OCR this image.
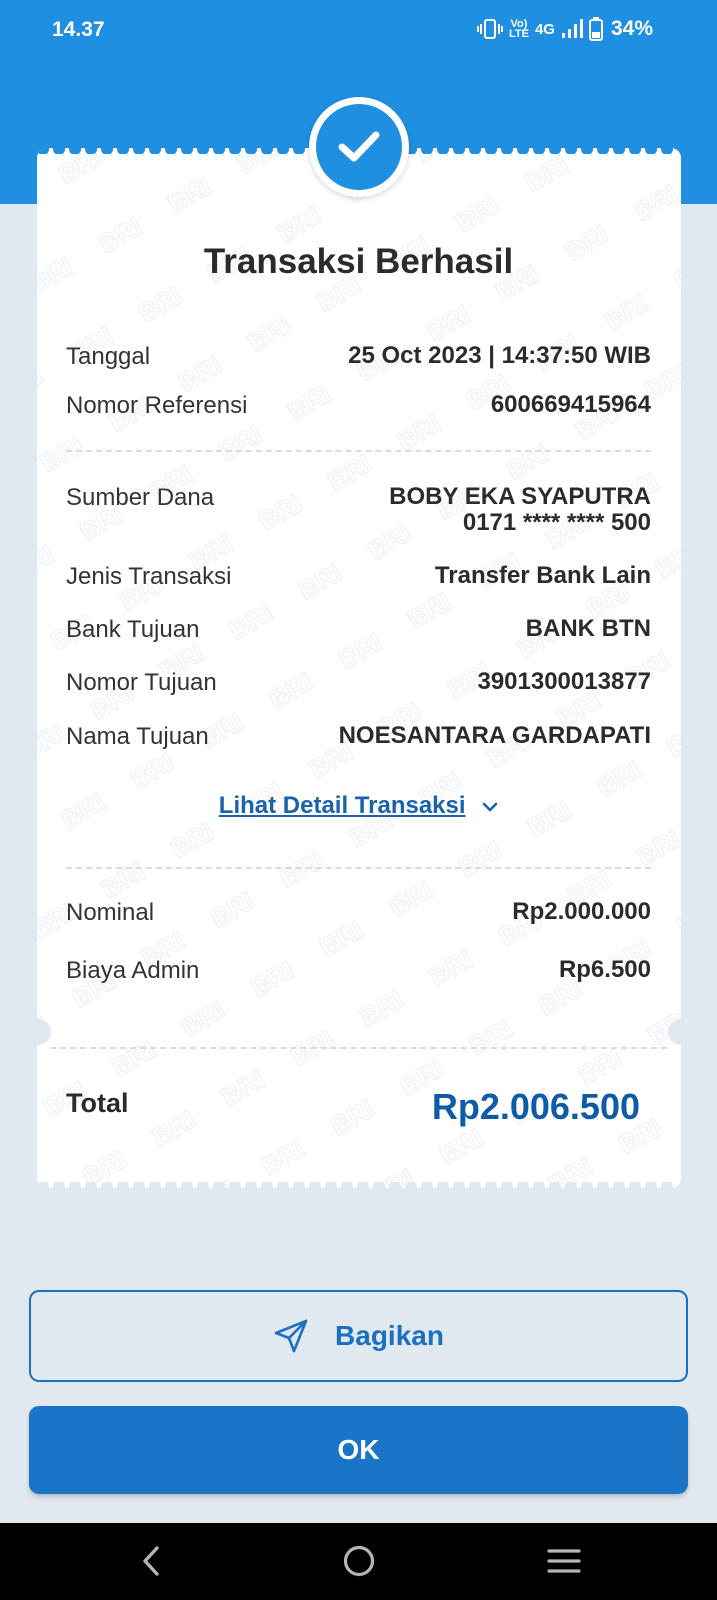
14.37	Vo)
LTE 4G	34%
Transaksi Berhasil
Tanggal	25 Oct 2023 | 14:37:50 WIB
Nomor Referensi	600669415964
Sumber Dana	BOBY EKA SYAPUTRA
0171 **** **** 500
Jenis Transaksi	Transfer Bank Lain
Bank Tujuan	BANK BTN
Nomor Tujuan	3901300013877
Nama Tujuan	NOESANTARA GARDAPATI
Lihat Detail Transaksi
Nominal	Rp2.000.000
Biaya Admin	Rp6.500
Total	Rp2.006.500
Bagikan
OK
